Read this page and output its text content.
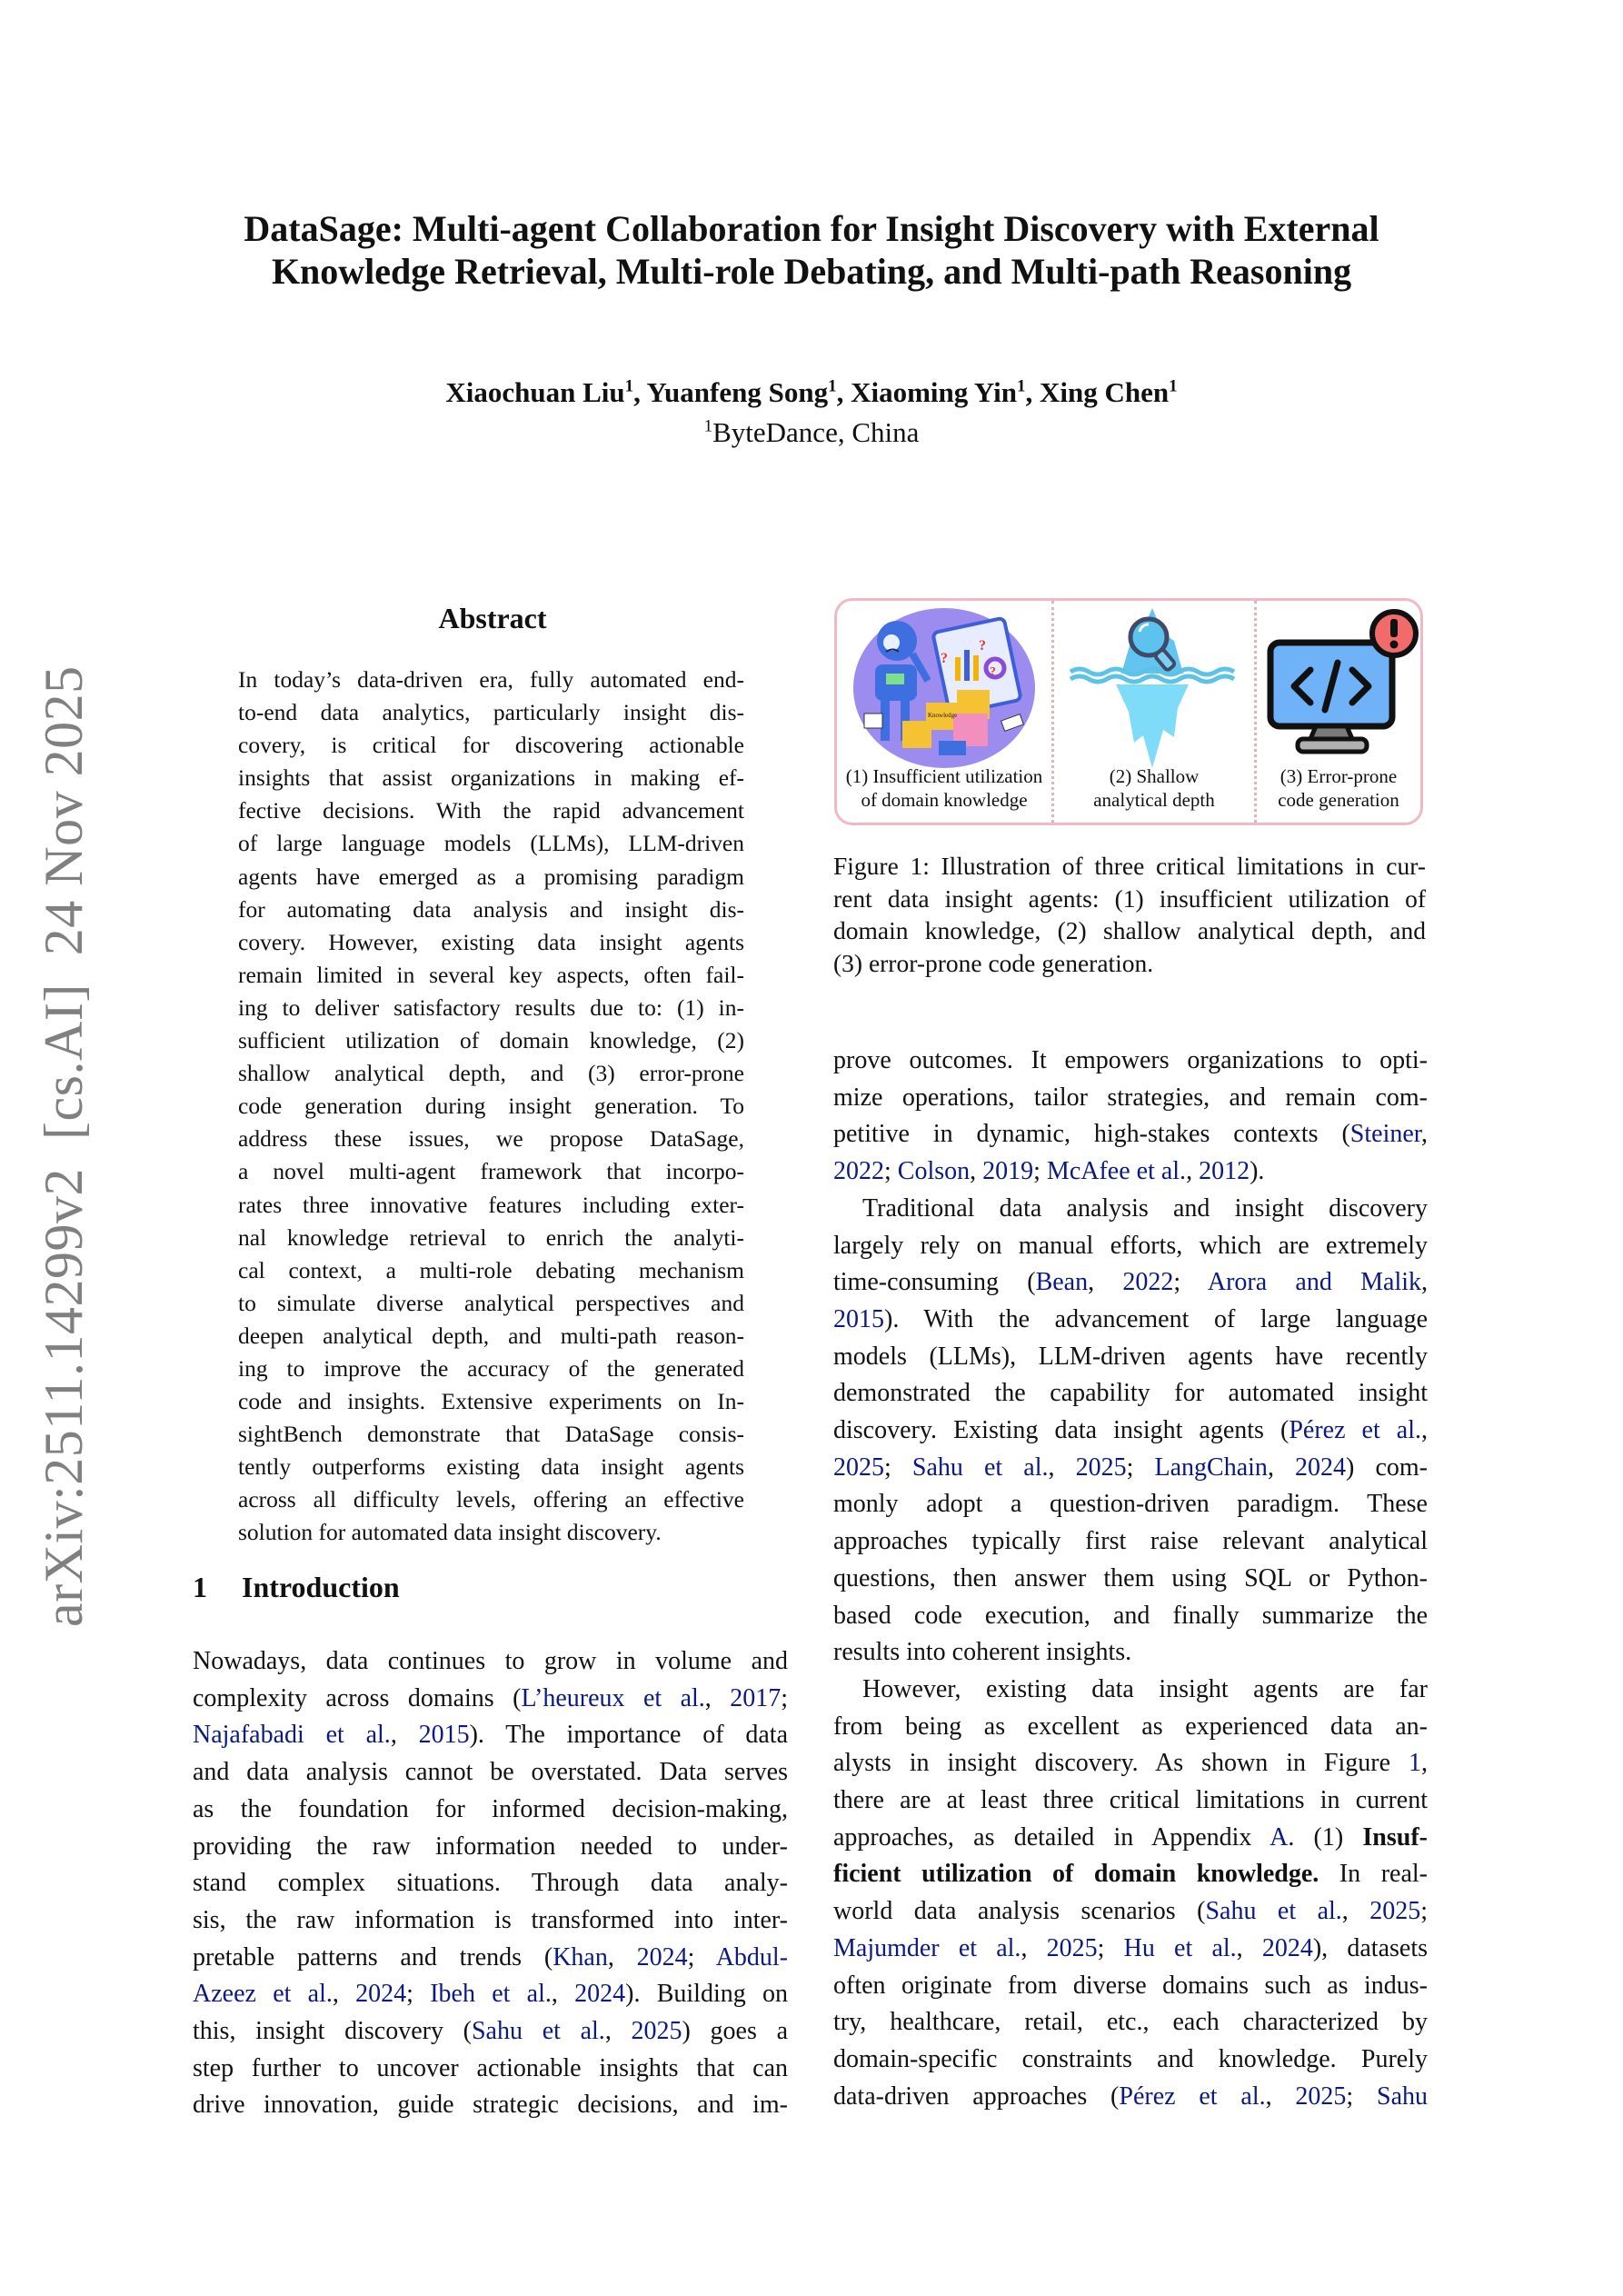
DataSage: Multi-agent Collaboration for Insight Discovery with External
Knowledge Retrieval, Multi-role Debating, and Multi-path Reasoning
Xiaochuan Liu$^1$, Yuanfeng Song$^1$, Xiaoming Yin$^1$, Xing Chen$^1$
$^1$ByteDance, China
arXiv:2511.14299v2  [cs.AI]  24 Nov 2025
Abstract
In today’s data-driven era, fully automated end-
to-end data analytics, particularly insight dis-
covery, is critical for discovering actionable
insights that assist organizations in making ef-
fective decisions. With the rapid advancement
of large language models (LLMs), LLM-driven
agents have emerged as a promising paradigm
for automating data analysis and insight dis-
covery. However, existing data insight agents
remain limited in several key aspects, often fail-
ing to deliver satisfactory results due to: (1) in-
sufficient utilization of domain knowledge, (2)
shallow analytical depth, and (3) error-prone
code generation during insight generation. To
address these issues, we propose DataSage,
a novel multi-agent framework that incorpo-
rates three innovative features including exter-
nal knowledge retrieval to enrich the analyti-
cal context, a multi-role debating mechanism
to simulate diverse analytical perspectives and
deepen analytical depth, and multi-path reason-
ing to improve the accuracy of the generated
code and insights. Extensive experiments on In-
sightBench demonstrate that DataSage consis-
tently outperforms existing data insight agents
across all difficulty levels, offering an effective
solution for automated data insight discovery.
?
?
?
Knowledge
(1) Insufficient utilization
of domain knowledge
(2) Shallow
analytical depth
(3) Error-prone
code generation
Figure 1: Illustration of three critical limitations in cur-
rent data insight agents: (1) insufficient utilization of
domain knowledge, (2) shallow analytical depth, and
(3) error-prone code generation.
1 Introduction
Nowadays, data continues to grow in volume and
complexity across domains (L’heureux et al., 2017;
Najafabadi et al., 2015). The importance of data
and data analysis cannot be overstated. Data serves
as the foundation for informed decision-making,
providing the raw information needed to under-
stand complex situations. Through data analy-
sis, the raw information is transformed into inter-
pretable patterns and trends (Khan, 2024; Abdul-
Azeez et al., 2024; Ibeh et al., 2024). Building on
this, insight discovery (Sahu et al., 2025) goes a
step further to uncover actionable insights that can
drive innovation, guide strategic decisions, and im-
prove outcomes. It empowers organizations to opti-
mize operations, tailor strategies, and remain com-
petitive in dynamic, high-stakes contexts (Steiner,
2022; Colson, 2019; McAfee et al., 2012).
Traditional data analysis and insight discovery
largely rely on manual efforts, which are extremely
time-consuming (Bean, 2022; Arora and Malik,
2015). With the advancement of large language
models (LLMs), LLM-driven agents have recently
demonstrated the capability for automated insight
discovery. Existing data insight agents (Pérez et al.,
2025; Sahu et al., 2025; LangChain, 2024) com-
monly adopt a question-driven paradigm. These
approaches typically first raise relevant analytical
questions, then answer them using SQL or Python-
based code execution, and finally summarize the
results into coherent insights.
However, existing data insight agents are far
from being as excellent as experienced data an-
alysts in insight discovery. As shown in Figure 1,
there are at least three critical limitations in current
approaches, as detailed in Appendix A. (1) Insuf-
ficient utilization of domain knowledge. In real-
world data analysis scenarios (Sahu et al., 2025;
Majumder et al., 2025; Hu et al., 2024), datasets
often originate from diverse domains such as indus-
try, healthcare, retail, etc., each characterized by
domain-specific constraints and knowledge. Purely
data-driven approaches (Pérez et al., 2025; Sahu
